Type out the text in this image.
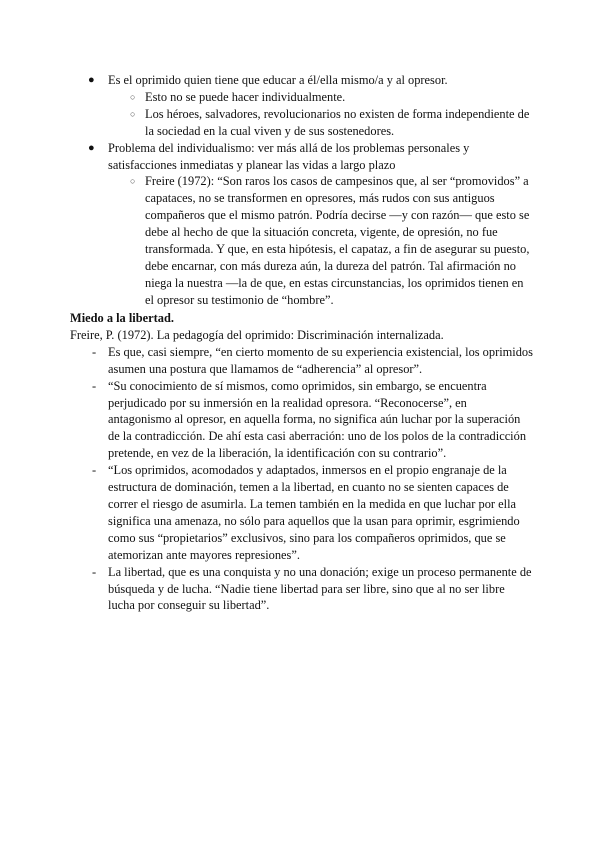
● Es el oprimido quien tiene que educar a él/ella mismo/a y al opresor.
○ Esto no se puede hacer individualmente.
○ Los héroes, salvadores, revolucionarios no existen de forma independiente de la sociedad en la cual viven y de sus sostenedores.
● Problema del individualismo: ver más allá de los problemas personales y satisfacciones inmediatas y planear las vidas a largo plazo
○ Freire (1972): “Son raros los casos de campesinos que, al ser “promovidos” a capataces, no se transformen en opresores, más rudos con sus antiguos compañeros que el mismo patrón. Podría decirse —y con razón— que esto se debe al hecho de que la situación concreta, vigente, de opresión, no fue transformada. Y que, en esta hipótesis, el capataz, a fin de asegurar su puesto, debe encarnar, con más dureza aún, la dureza del patrón. Tal afirmación no niega la nuestra —la de que, en estas circunstancias, los oprimidos tienen en el opresor su testimonio de “hombre”.
Miedo a la libertad.

Freire, P. (1972). La pedagogía del oprimido: Discriminación internalizada.

- Es que, casi siempre, “en cierto momento de su experiencia existencial, los oprimidos asumen una postura que llamamos de “adherencia” al opresor”.
- “Su conocimiento de sí mismos, como oprimidos, sin embargo, se encuentra perjudicado por su inmersión en la realidad opresora. “Reconocerse”, en antagonismo al opresor, en aquella forma, no significa aún luchar por la superación de la contradicción. De ahí esta casi aberración: uno de los polos de la contradicción pretende, en vez de la liberación, la identificación con su contrario”.
- “Los oprimidos, acomodados y adaptados, inmersos en el propio engranaje de la estructura de dominación, temen a la libertad, en cuanto no se sienten capaces de correr el riesgo de asumirla. La temen también en la medida en que luchar por ella significa una amenaza, no sólo para aquellos que la usan para oprimir, esgrimiendo como sus “propietarios” exclusivos, sino para los compañeros oprimidos, que se atemorizan ante mayores represiones”.
- La libertad, que es una conquista y no una donación; exige un proceso permanente de búsqueda y de lucha. “Nadie tiene libertad para ser libre, sino que al no ser libre lucha por conseguir su libertad”.
